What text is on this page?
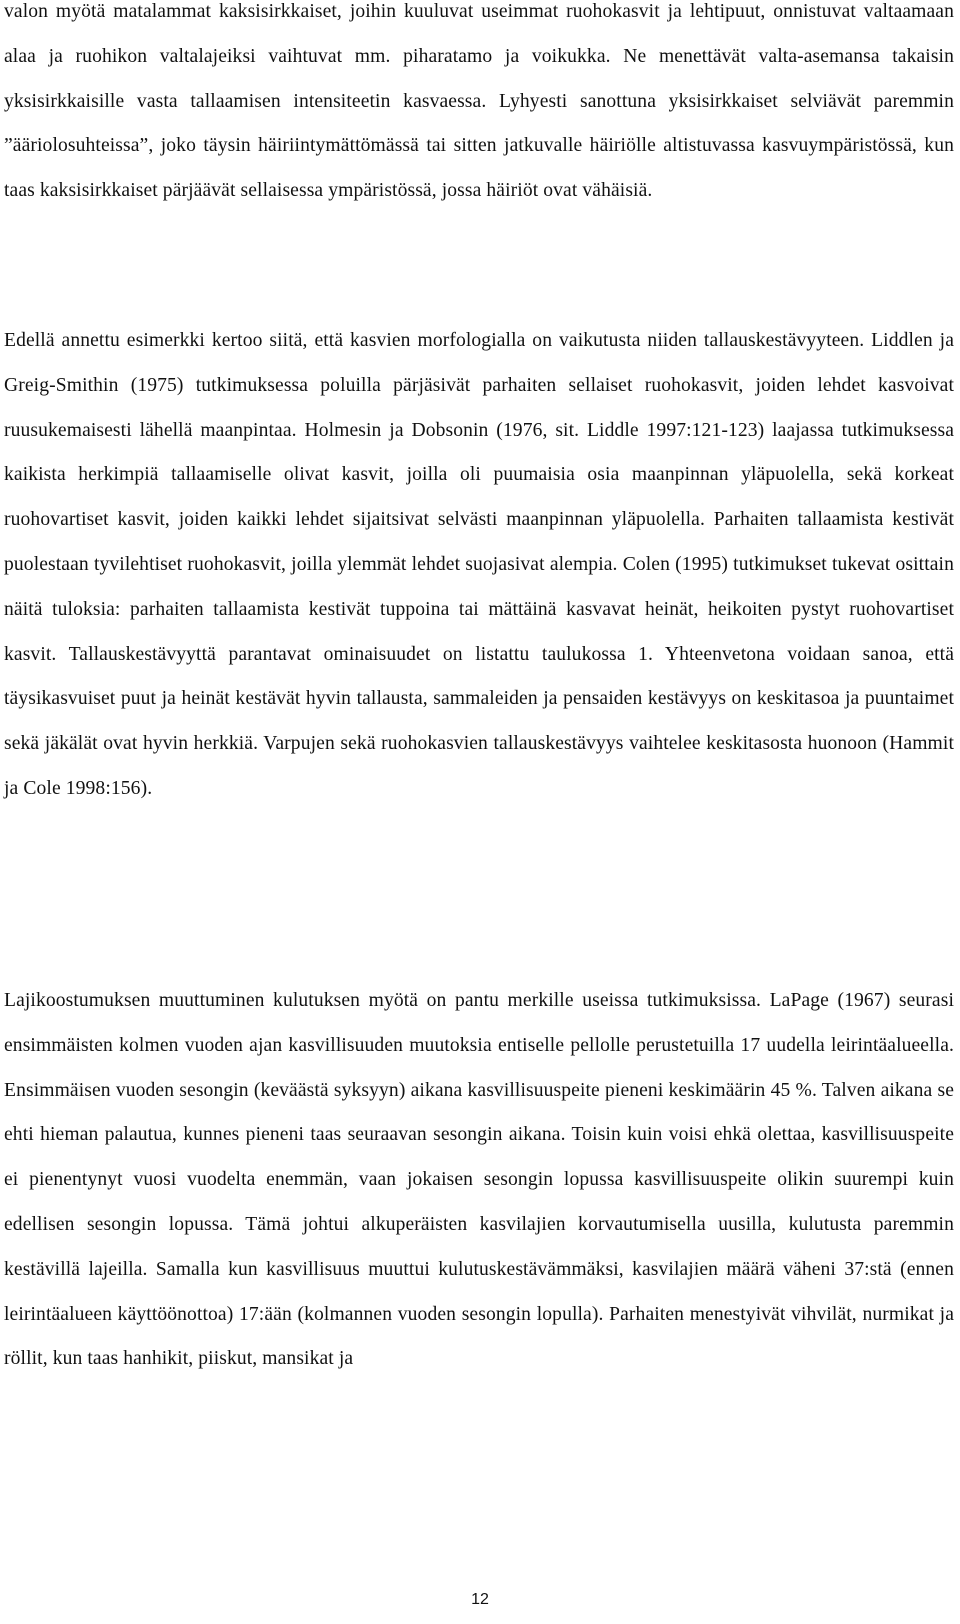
valon myötä matalammat kaksisirkkaiset, joihin kuuluvat useimmat ruohokasvit ja lehtipuut, onnistuvat valtaamaan alaa ja ruohikon valtalajeiksi vaihtuvat mm. piharatamo ja voikukka. Ne menettävät valta-asemansa takaisin yksisirkkaisille vasta tallaamisen intensiteetin kasvaessa. Lyhyesti sanottuna yksisirkkaiset selviävät paremmin ”ääriolosuhteissa”, joko täysin häiriintymättömässä tai sitten jatkuvalle häiriölle altistuvassa kasvuympäristössä, kun taas kaksisirkkaiset pärjäävät sellaisessa ympäristössä, jossa häiriöt ovat vähäisiä.
Edellä annettu esimerkki kertoo siitä, että kasvien morfologialla on vaikutusta niiden tallauskestävyyteen. Liddlen ja Greig-Smithin (1975) tutkimuksessa poluilla pärjäsivät parhaiten sellaiset ruohokasvit, joiden lehdet kasvoivat ruusukemaisesti lähellä maanpintaa. Holmesin ja Dobsonin (1976, sit. Liddle 1997:121-123) laajassa tutkimuksessa kaikista herkimpiä tallaamiselle olivat kasvit, joilla oli puumaisia osia maanpinnan yläpuolella, sekä korkeat ruohovartiset kasvit, joiden kaikki lehdet sijaitsivat selvästi maanpinnan yläpuolella. Parhaiten tallaamista kestivät puolestaan tyvilehtiset ruohokasvit, joilla ylemmät lehdet suojasivat alempia. Colen (1995) tutkimukset tukevat osittain näitä tuloksia: parhaiten tallaamista kestivät tuppoina tai mättäinä kasvavat heinät, heikoiten pystyt ruohovartiset kasvit. Tallauskestävyyttä parantavat ominaisuudet on listattu taulukossa 1. Yhteenvetona voidaan sanoa, että täysikasvuiset puut ja heinät kestävät hyvin tallausta, sammaleiden ja pensaiden kestävyys on keskitasoa ja puuntaimet sekä jäkälät ovat hyvin herkkiä. Varpujen sekä ruohokasvien tallauskestävyys vaihtelee keskitasosta huonoon (Hammit ja Cole 1998:156).
Lajikoostumuksen muuttuminen kulutuksen myötä on pantu merkille useissa tutkimuksissa. LaPage (1967) seurasi ensimmäisten kolmen vuoden ajan kasvillisuuden muutoksia entiselle pellolle perustetuilla 17 uudella leirintäalueella. Ensimmäisen vuoden sesongin (keväästä syksyyn) aikana kasvillisuuspeite pieneni keskimäärin 45 %. Talven aikana se ehti hieman palautua, kunnes pieneni taas seuraavan sesongin aikana. Toisin kuin voisi ehkä olettaa, kasvillisuuspeite ei pienentynyt vuosi vuodelta enemmän, vaan jokaisen sesongin lopussa kasvillisuuspeite olikin suurempi kuin edellisen sesongin lopussa. Tämä johtui alkuperäisten kasvilajien korvautumisella uusilla, kulutusta paremmin kestävillä lajeilla. Samalla kun kasvillisuus muuttui kulutuskestävämmäksi, kasvilajien määrä väheni 37:stä (ennen leirintäalueen käyttöönottoa) 17:ään (kolmannen vuoden sesongin lopulla). Parhaiten menestyivät vihvilät, nurmikat ja röllit, kun taas hanhikit, piiskut, mansikat ja
12
